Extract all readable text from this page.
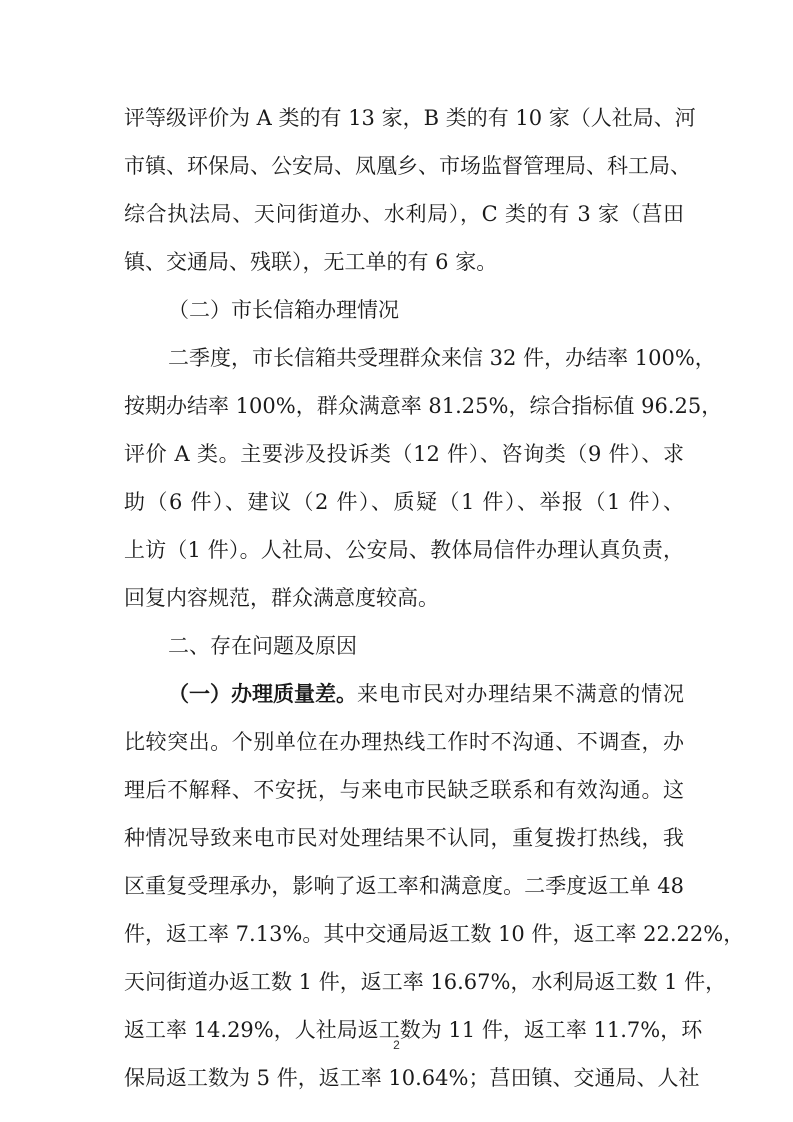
评等级评价为 A 类的有 13 家，B 类的有 10 家（人社局、河
市镇、环保局、公安局、凤凰乡、市场监督管理局、科工局、
综合执法局、天问街道办、水利局），C 类的有 3 家（莒田
镇、交通局、残联），无工单的有 6 家。
（二）市长信箱办理情况
二季度，市长信箱共受理群众来信 32 件，办结率 100%，
按期办结率 100%，群众满意率 81.25%，综合指标值 96.25，
评价 A 类。主要涉及投诉类（12 件）、咨询类（9 件）、求
助（6 件）、建议（2 件）、质疑（1 件）、举报（1 件）、
上访（1 件）。人社局、公安局、教体局信件办理认真负责，
回复内容规范，群众满意度较高。
二、存在问题及原因
（一）办理质量差。 来电市民对办理结果不满意的情况
比较突出。个别单位在办理热线工作时不沟通、不调查，办
理后不解释、不安抚，与来电市民缺乏联系和有效沟通。这
种情况导致来电市民对处理结果不认同，重复拨打热线，我
区重复受理承办，影响了返工率和满意度。二季度返工单 48
件，返工率 7.13%。其中交通局返工数 10 件，返工率 22.22%，
天问街道办返工数 1 件，返工率 16.67%，水利局返工数 1 件，
返工率 14.29%，人社局返工数为 11 件，返工率 11.7%，环
保局返工数为 5 件，返工率 10.64%；莒田镇、交通局、人社
2
